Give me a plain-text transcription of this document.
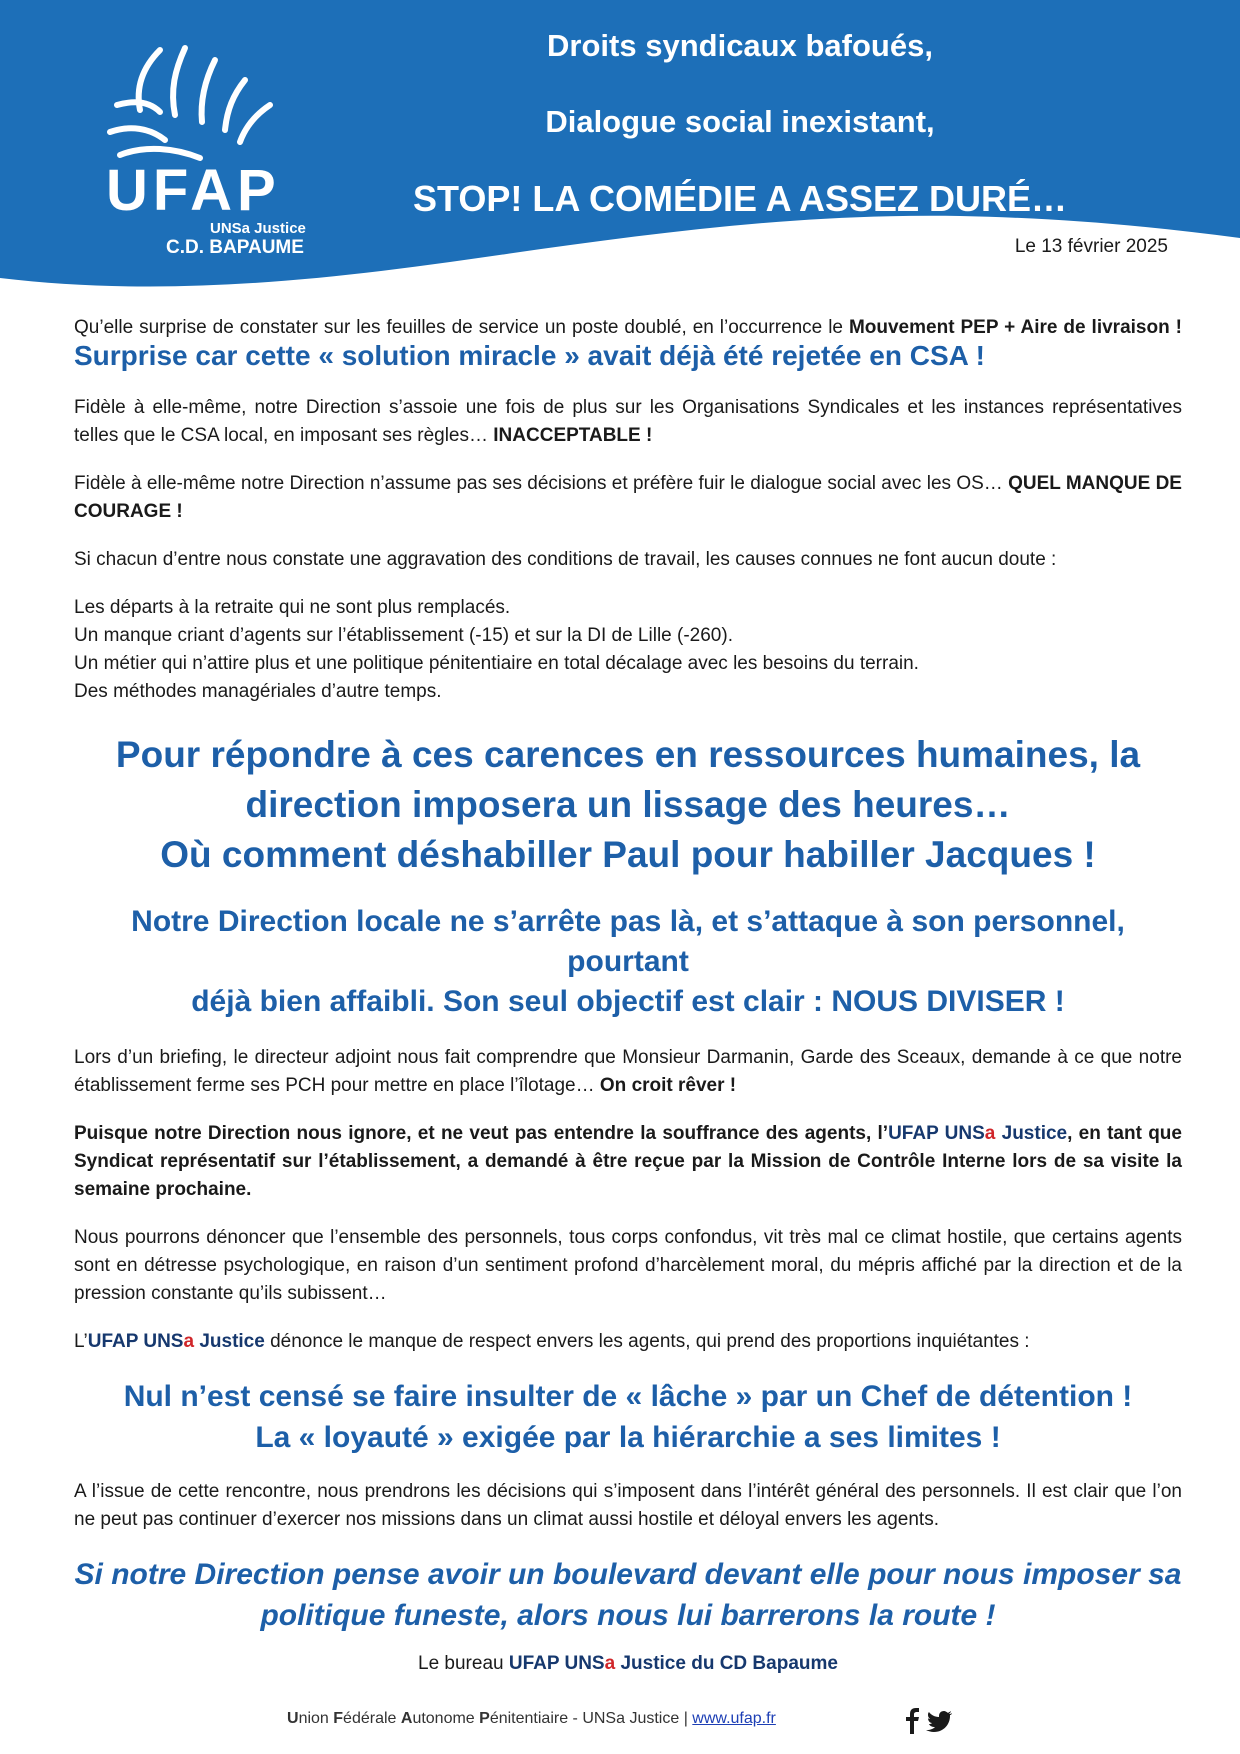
UFAP
UNSa Justice
C.D. BAPAUME
Droits syndicaux bafoués,
Dialogue social inexistant,
STOP! LA COMÉDIE A ASSEZ DURÉ…
Le 13 février 2025

Qu’elle surprise de constater sur les feuilles de service un poste doublé, en l’occurrence le Mouvement PEP + Aire de livraison ! Surprise car cette « solution miracle » avait déjà été rejetée en CSA !

Fidèle à elle-même, notre Direction s’assoie une fois de plus sur les Organisations Syndicales et les instances représentatives telles que le CSA local, en imposant ses règles… INACCEPTABLE !

Fidèle à elle-même notre Direction n’assume pas ses décisions et préfère fuir le dialogue social avec les OS… QUEL MANQUE DE COURAGE !

Si chacun d’entre nous constate une aggravation des conditions de travail, les causes connues ne font aucun doute :

Les départs à la retraite qui ne sont plus remplacés.
Un manque criant d’agents sur l’établissement (-15) et sur la DI de Lille (-260).
Un métier qui n’attire plus et une politique pénitentiaire en total décalage avec les besoins du terrain.
Des méthodes managériales d’autre temps.
Pour répondre à ces carences en ressources humaines, la
direction imposera un lissage des heures…
Où comment déshabiller Paul pour habiller Jacques !
Notre Direction locale ne s’arrête pas là, et s’attaque à son personnel, pourtant
déjà bien affaibli. Son seul objectif est clair : NOUS DIVISER !

Lors d’un briefing, le directeur adjoint nous fait comprendre que Monsieur Darmanin, Garde des Sceaux, demande à ce que notre établissement ferme ses PCH pour mettre en place l’îlotage… On croit rêver !

Puisque notre Direction nous ignore, et ne veut pas entendre la souffrance des agents, l’UFAP UNSa Justice, en tant que Syndicat représentatif sur l’établissement, a demandé à être reçue par la Mission de Contrôle Interne lors de sa visite la semaine prochaine.

Nous pourrons dénoncer que l’ensemble des personnels, tous corps confondus, vit très mal ce climat hostile, que certains agents sont en détresse psychologique, en raison d’un sentiment profond d’harcèlement moral, du mépris affiché par la direction et de la pression constante qu’ils subissent…

L’UFAP UNSa Justice dénonce le manque de respect envers les agents, qui prend des proportions inquiétantes :

Nul n’est censé se faire insulter de « lâche » par un Chef de détention !
La « loyauté » exigée par la hiérarchie a ses limites !

A l’issue de cette rencontre, nous prendrons les décisions qui s’imposent dans l’intérêt général des personnels. Il est clair que l’on ne peut pas continuer d’exercer nos missions dans un climat aussi hostile et déloyal envers les agents.

Si notre Direction pense avoir un boulevard devant elle pour nous imposer sa
politique funeste, alors nous lui barrerons la route !
Le bureau UFAP UNSa Justice du CD Bapaume
Union Fédérale Autonome Pénitentiaire - UNSa Justice | www.ufap.fr
